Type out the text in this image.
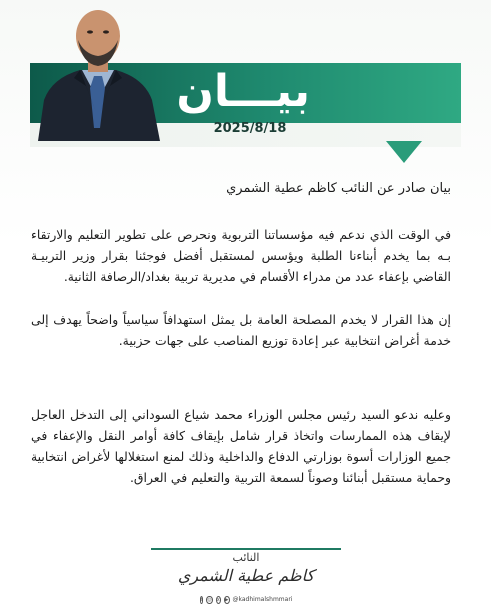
بيـــان
2025/8/18
بيان صادر عن النائب كاظم عطية الشمري

في الوقت الذي ندعم فيه مؤسساتنا التربوية ونحرص على تطوير التعليم والارتقاء بـه بما يخدم أبناءنا الطلبة ويؤسس لمستقبل أفضل فوجئنا بقرار وزير التربيـة القاضي بإعفاء عدد من مدراء الأقسام في مديرية تربية بغداد/الرصافة الثانية.

إن هذا القرار لا يخدم المصلحة العامة بل يمثل استهدافاً سياسياً واضحاً يهدف إلى خدمة أغراض انتخابية عبر إعادة توزيع المناصب على جهات حزبية.

وعليه ندعو السيد رئيس مجلس الوزراء محمد شياع السوداني إلى التدخل العاجل لإيقاف هذه الممارسات واتخاذ قرار شامل بإيقاف كافة أوامر النقل والإعفاء في جميع الوزارات أسوة بوزارتي الدفاع والداخلية وذلك لمنع استغلالها لأغراض انتخابية وحماية مستقبل أبنائنا وصوناً لسمعة التربية والتعليم في العراق.

النائب
كاظم عطية الشمري
f ◎ x ▶ @kadhimalshmmari
